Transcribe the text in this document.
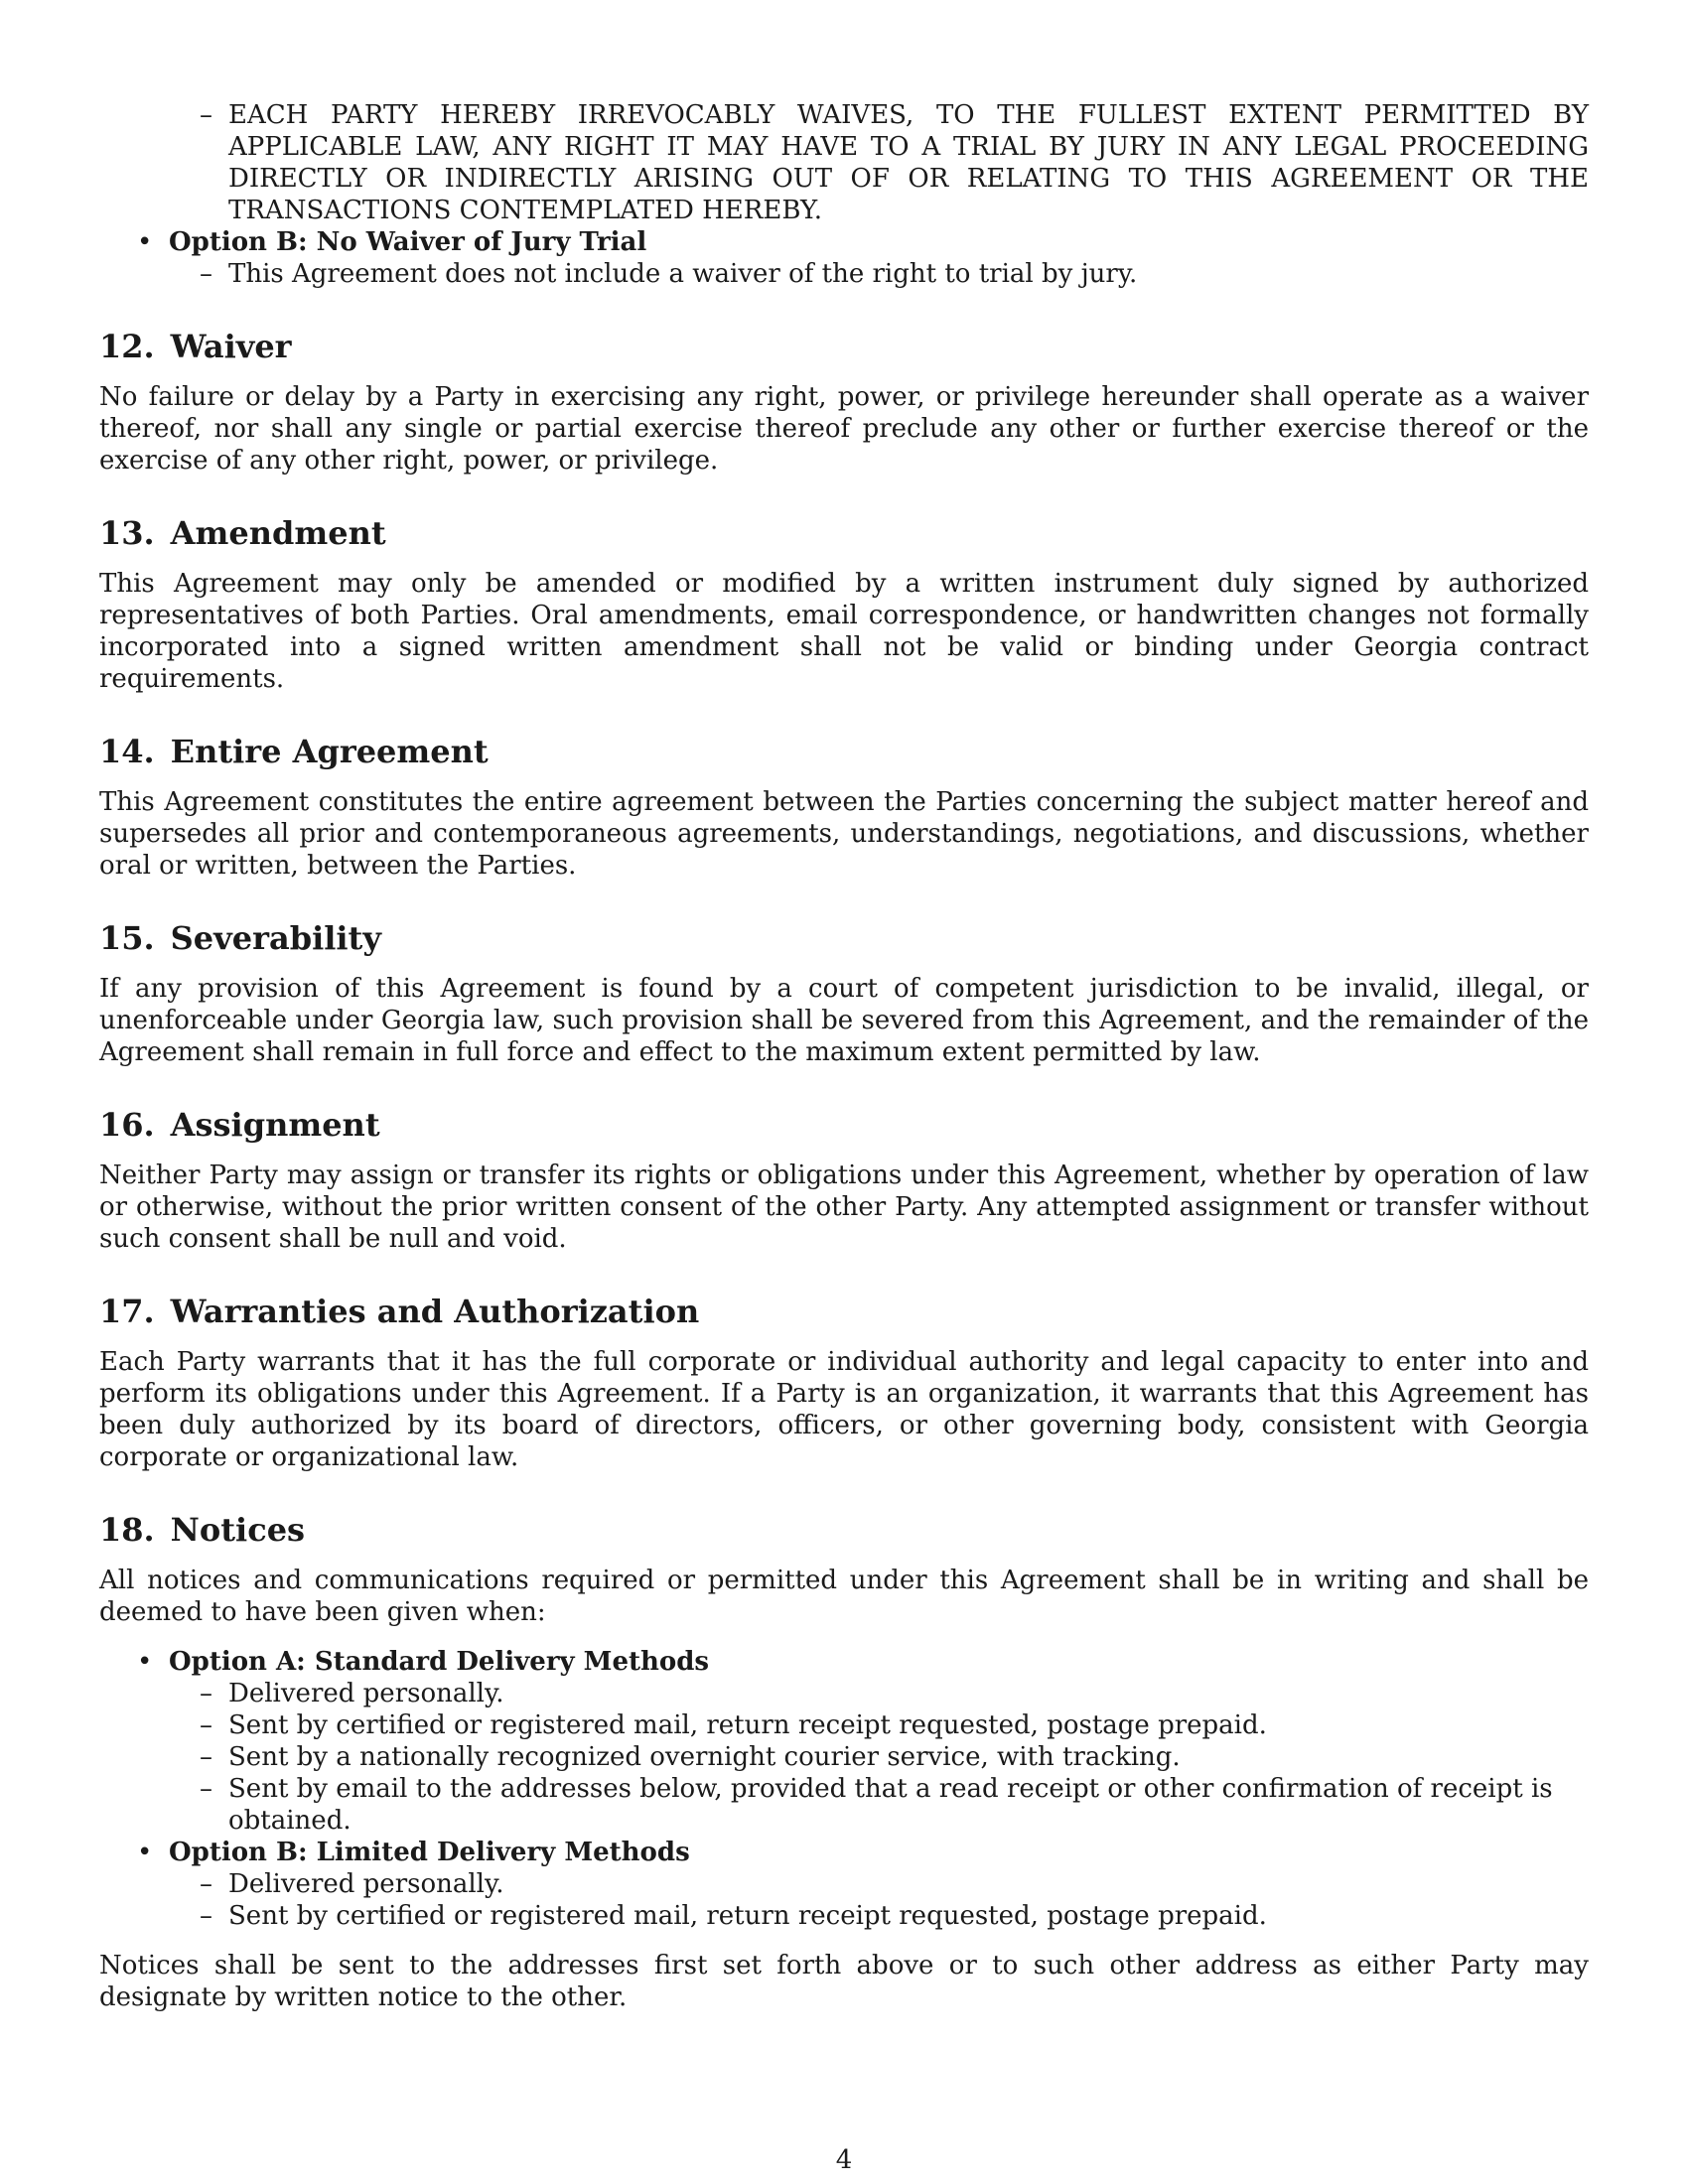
– EACH PARTY HEREBY IRREVOCABLY WAIVES, TO THE FULLEST EXTENT PERMITTED BY APPLICABLE LAW, ANY RIGHT IT MAY HAVE TO A TRIAL BY JURY IN ANY LEGAL PROCEEDING DIRECTLY OR INDIRECTLY ARISING OUT OF OR RELATING TO THIS AGREEMENT OR THE TRANSACTIONS CONTEMPLATED HEREBY.
• Option B: No Waiver of Jury Trial
– This Agreement does not include a waiver of the right to trial by jury.
12. Waiver

No failure or delay by a Party in exercising any right, power, or privilege hereunder shall operate as a waiver thereof, nor shall any single or partial exercise thereof preclude any other or further exercise thereof or the exercise of any other right, power, or privilege.

13. Amendment

This Agreement may only be amended or modified by a written instrument duly signed by authorized representatives of both Parties. Oral amendments, email correspondence, or handwritten changes not formally incorporated into a signed written amendment shall not be valid or binding under Georgia contract requirements.

14. Entire Agreement

This Agreement constitutes the entire agreement between the Parties concerning the subject matter hereof and supersedes all prior and contemporaneous agreements, understandings, negotiations, and discussions, whether oral or written, between the Parties.

15. Severability

If any provision of this Agreement is found by a court of competent jurisdiction to be invalid, illegal, or unenforceable under Georgia law, such provision shall be severed from this Agreement, and the remainder of the Agreement shall remain in full force and effect to the maximum extent permitted by law.

16. Assignment

Neither Party may assign or transfer its rights or obligations under this Agreement, whether by operation of law or otherwise, without the prior written consent of the other Party. Any attempted assignment or transfer without such consent shall be null and void.

17. Warranties and Authorization

Each Party warrants that it has the full corporate or individual authority and legal capacity to enter into and perform its obligations under this Agreement. If a Party is an organization, it warrants that this Agreement has been duly authorized by its board of directors, officers, or other governing body, consistent with Georgia corporate or organizational law.

18. Notices

All notices and communications required or permitted under this Agreement shall be in writing and shall be deemed to have been given when:

• Option A: Standard Delivery Methods
– Delivered personally.
– Sent by certified or registered mail, return receipt requested, postage prepaid.
– Sent by a nationally recognized overnight courier service, with tracking.
– Sent by email to the addresses below, provided that a read receipt or other confirmation of receipt is obtained.
• Option B: Limited Delivery Methods
– Delivered personally.
– Sent by certified or registered mail, return receipt requested, postage prepaid.

Notices shall be sent to the addresses first set forth above or to such other address as either Party may designate by written notice to the other.

4
